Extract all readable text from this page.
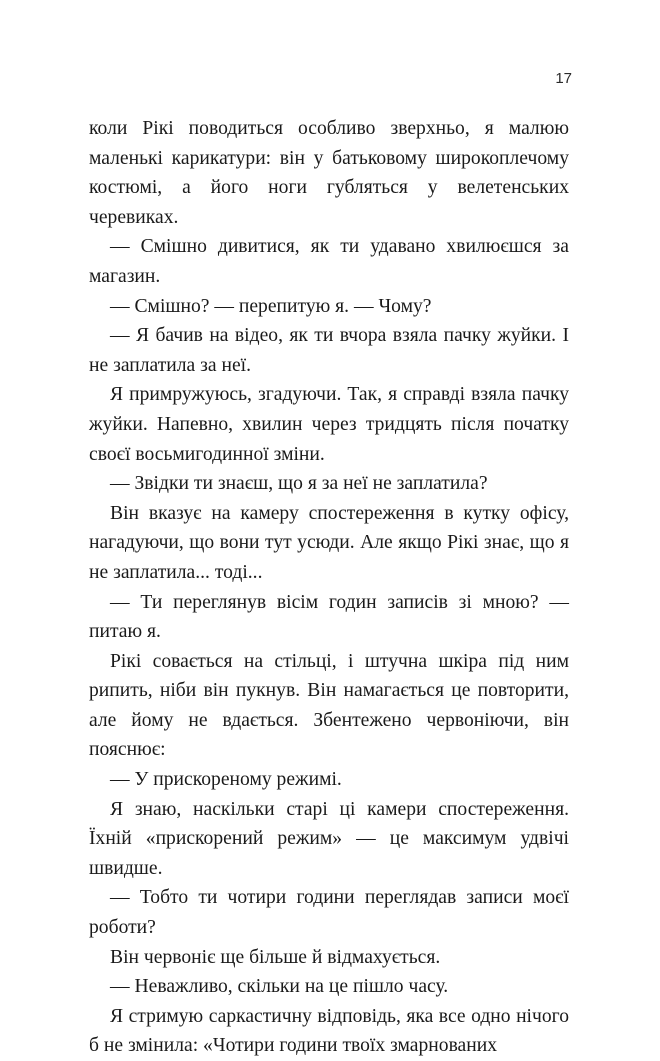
17

коли Рікі поводиться особливо зверхньо, я малюю маленькі карикатури: він у батьковому широкоплечому костюмі, а його ноги губляться у велетенських черевиках.

— Смішно дивитися, як ти удавано хвилюєшся за магазин.

— Смішно? — перепитую я. — Чому?

— Я бачив на відео, як ти вчора взяла пачку жуйки. І не заплатила за неї.

Я примружуюсь, згадуючи. Так, я справді взяла пачку жуйки. Напевно, хвилин через тридцять після початку своєї восьмигодинної зміни.

— Звідки ти знаєш, що я за неї не заплатила?

Він вказує на камеру спостереження в кутку офісу, нагадуючи, що вони тут усюди. Але якщо Рікі знає, що я не заплатила... тоді...

— Ти переглянув вісім годин записів зі мною? — питаю я.

Рікі совається на стільці, і штучна шкіра під ним рипить, ніби він пукнув. Він намагається це повторити, але йому не вдається. Збентежено червоніючи, він пояснює:

— У прискореному режимі.

Я знаю, наскільки старі ці камери спостереження. Їхній «прискорений режим» — це максимум удвічі швидше.

— Тобто ти чотири години переглядав записи моєї роботи?

Він червоніє ще більше й відмахується.

— Неважливо, скільки на це пішло часу.

Я стримую саркастичну відповідь, яка все одно нічого б не змінила: «Чотири години твоїх змарнованих
